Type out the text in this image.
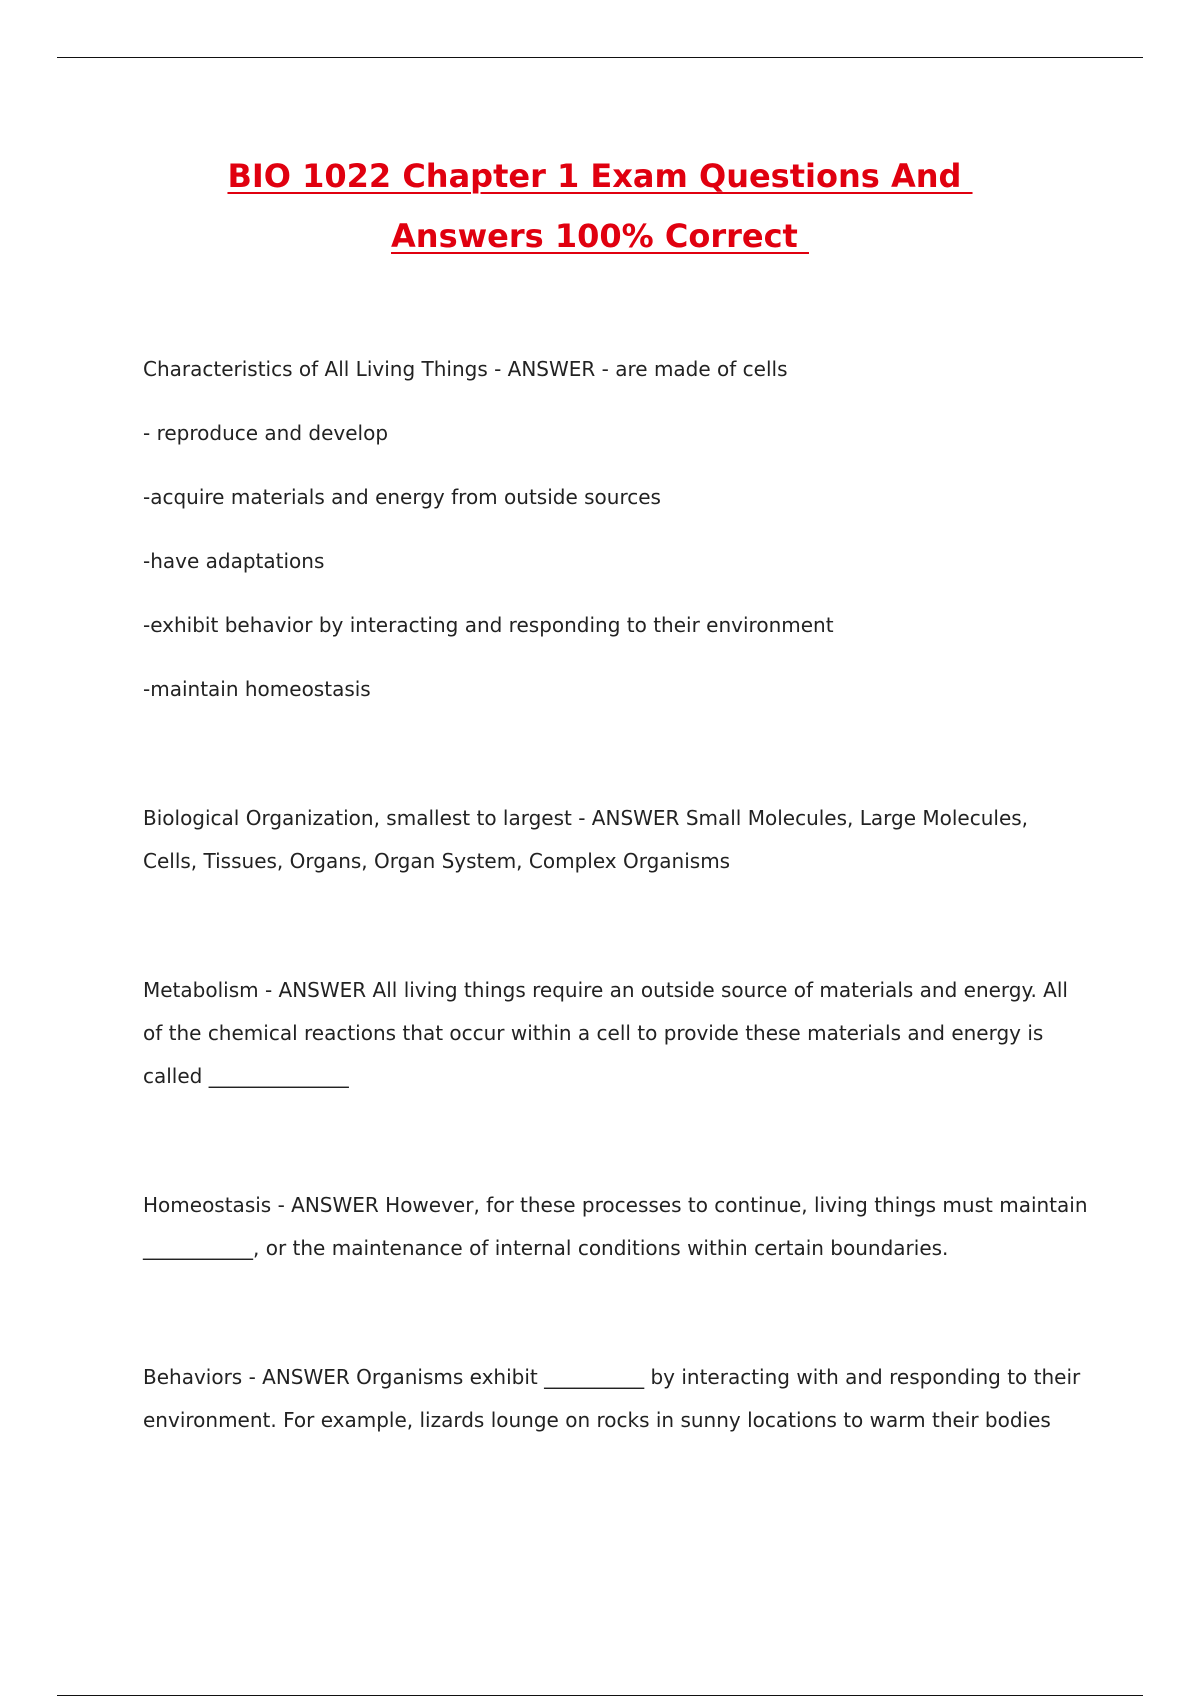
BIO 1022 Chapter 1 Exam Questions And
Answers 100% Correct

Characteristics of All Living Things - ANSWER - are made of cells

- reproduce and develop

-acquire materials and energy from outside sources

-have adaptations

-exhibit behavior by interacting and responding to their environment

-maintain homeostasis

Biological Organization, smallest to largest - ANSWER Small Molecules, Large Molecules,

Cells, Tissues, Organs, Organ System, Complex Organisms

Metabolism - ANSWER All living things require an outside source of materials and energy. All

of the chemical reactions that occur within a cell to provide these materials and energy is

called ______________

Homeostasis - ANSWER However, for these processes to continue, living things must maintain

___________, or the maintenance of internal conditions within certain boundaries.

Behaviors - ANSWER Organisms exhibit __________ by interacting with and responding to their

environment. For example, lizards lounge on rocks in sunny locations to warm their bodies
